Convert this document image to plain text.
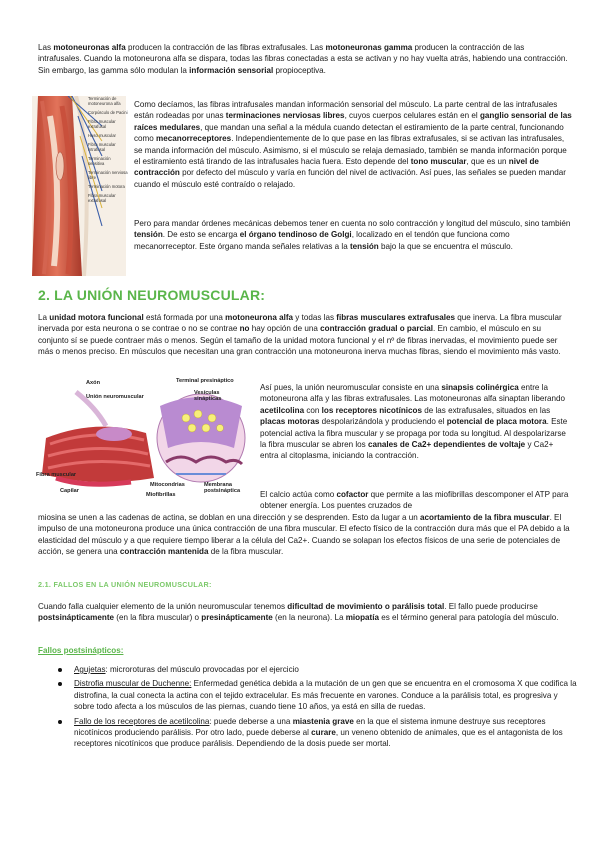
Las motoneuronas alfa producen la contracción de las fibras extrafusales. Las motoneuronas gamma producen la contracción de las intrafusales. Cuando la motoneurona alfa se dispara, todas las fibras conectadas a esta se activan y no hay vuelta atrás, habiendo una contracción. Sin embargo, las gamma sólo modulan la información sensorial propioceptiva.

Terminación de motoneurona alfa
Corpúsculo de Pacini
Fibra muscular extrafusal
Huso muscular
Fibra muscular intrafusal
Terminación sensitiva
Terminación nerviosa libre
Terminación motora
Fibra muscular extrafusal

Como decíamos, las fibras intrafusales mandan información sensorial del músculo. La parte central de las intrafusales están rodeadas por unas terminaciones nerviosas libres, cuyos cuerpos celulares están en el ganglio sensorial de las raíces medulares, que mandan una señal a la médula cuando detectan el estiramiento de la parte central, funcionando como mecanorreceptores. Independientemente de lo que pase en las fibras extrafusales, si se activan las intrafusales, se manda información del músculo. Asimismo, si el músculo se relaja demasiado, también se manda información porque el estiramiento está tirando de las intrafusales hacia fuera. Esto depende del tono muscular, que es un nivel de contracción por defecto del músculo y varía en función del nivel de activación. Así pues, las señales se pueden mandar cuando el músculo esté contraído o relajado.

Pero para mandar órdenes mecánicas debemos tener en cuenta no solo contracción y longitud del músculo, sino también tensión. De esto se encarga el órgano tendinoso de Golgi, localizado en el tendón que funciona como mecanorreceptor. Este órgano manda señales relativas a la tensión bajo la que se encuentra el músculo.

2. LA UNIÓN NEUROMUSCULAR:

La unidad motora funcional está formada por una motoneurona alfa y todas las fibras musculares extrafusales que inerva. La fibra muscular inervada por esta neurona o se contrae o no se contrae no hay opción de una contracción gradual o parcial. En cambio, el músculo en su conjunto sí se puede contraer más o menos. Según el tamaño de la unidad motora funcional y el nº de fibras inervadas, el movimiento puede ser más o menos preciso. En músculos que necesitan una gran contracción una motoneurona inerva muchas fibras, siendo el movimiento más vasto.

Axón
Unión neuromuscular
Terminal presináptico
Vesículas sinápticas
Fibra muscular
Capilar
Mitocondrias
Miofibrillas
Membrana postsináptica

Así pues, la unión neuromuscular consiste en una sinapsis colinérgica entre la motoneurona alfa y las fibras extrafusales. Las motoneuronas alfa sinaptan liberando acetilcolina con los receptores nicotínicos de las extrafusales, situados en las placas motoras despolarizándola y produciendo el potencial de placa motora. Este potencial activa la fibra muscular y se propaga por toda su longitud. Al despolarizarse la fibra muscular se abren los canales de Ca2+ dependientes de voltaje y Ca2+ entra al citoplasma, iniciando la contracción.

El calcio actúa como cofactor que permite a las miofibrillas descomponer el ATP para obtener energía. Los puentes cruzados de

miosina se unen a las cadenas de actina, se doblan en una dirección y se desprenden. Esto da lugar a un acortamiento de la fibra muscular. El impulso de una motoneurona produce una única contracción de una fibra muscular. El efecto físico de la contracción dura más que el PA debido a la elasticidad del músculo y a que requiere tiempo liberar a la célula del Ca2+. Cuando se solapan los efectos físicos de una serie de potenciales de acción, se genera una contracción mantenida de la fibra muscular.

2.1. FALLOS EN LA UNIÓN NEUROMUSCULAR:

Cuando falla cualquier elemento de la unión neuromuscular tenemos dificultad de movimiento o parálisis total. El fallo puede producirse postsinápticamente (en la fibra muscular) o presinápticamente (en la neurona). La miopatía es el término general para patología del músculo.

Fallos postsinápticos:
Agujetas: microroturas del músculo provocadas por el ejercicio
Distrofia muscular de Duchenne: Enfermedad genética debida a la mutación de un gen que se encuentra en el cromosoma X que codifica la distrofina, la cual conecta la actina con el tejido extracelular. Es más frecuente en varones. Conduce a la parálisis total, es progresiva y sobre todo afecta a los músculos de las piernas, cuando tiene 10 años, ya está en silla de ruedas.
Fallo de los receptores de acetilcolina: puede deberse a una miastenia grave en la que el sistema inmune destruye sus receptores nicotínicos produciendo parálisis. Por otro lado, puede deberse al curare, un veneno obtenido de animales, que es el antagonista de los receptores nicotínicos que produce parálisis. Dependiendo de la dosis puede ser mortal.
